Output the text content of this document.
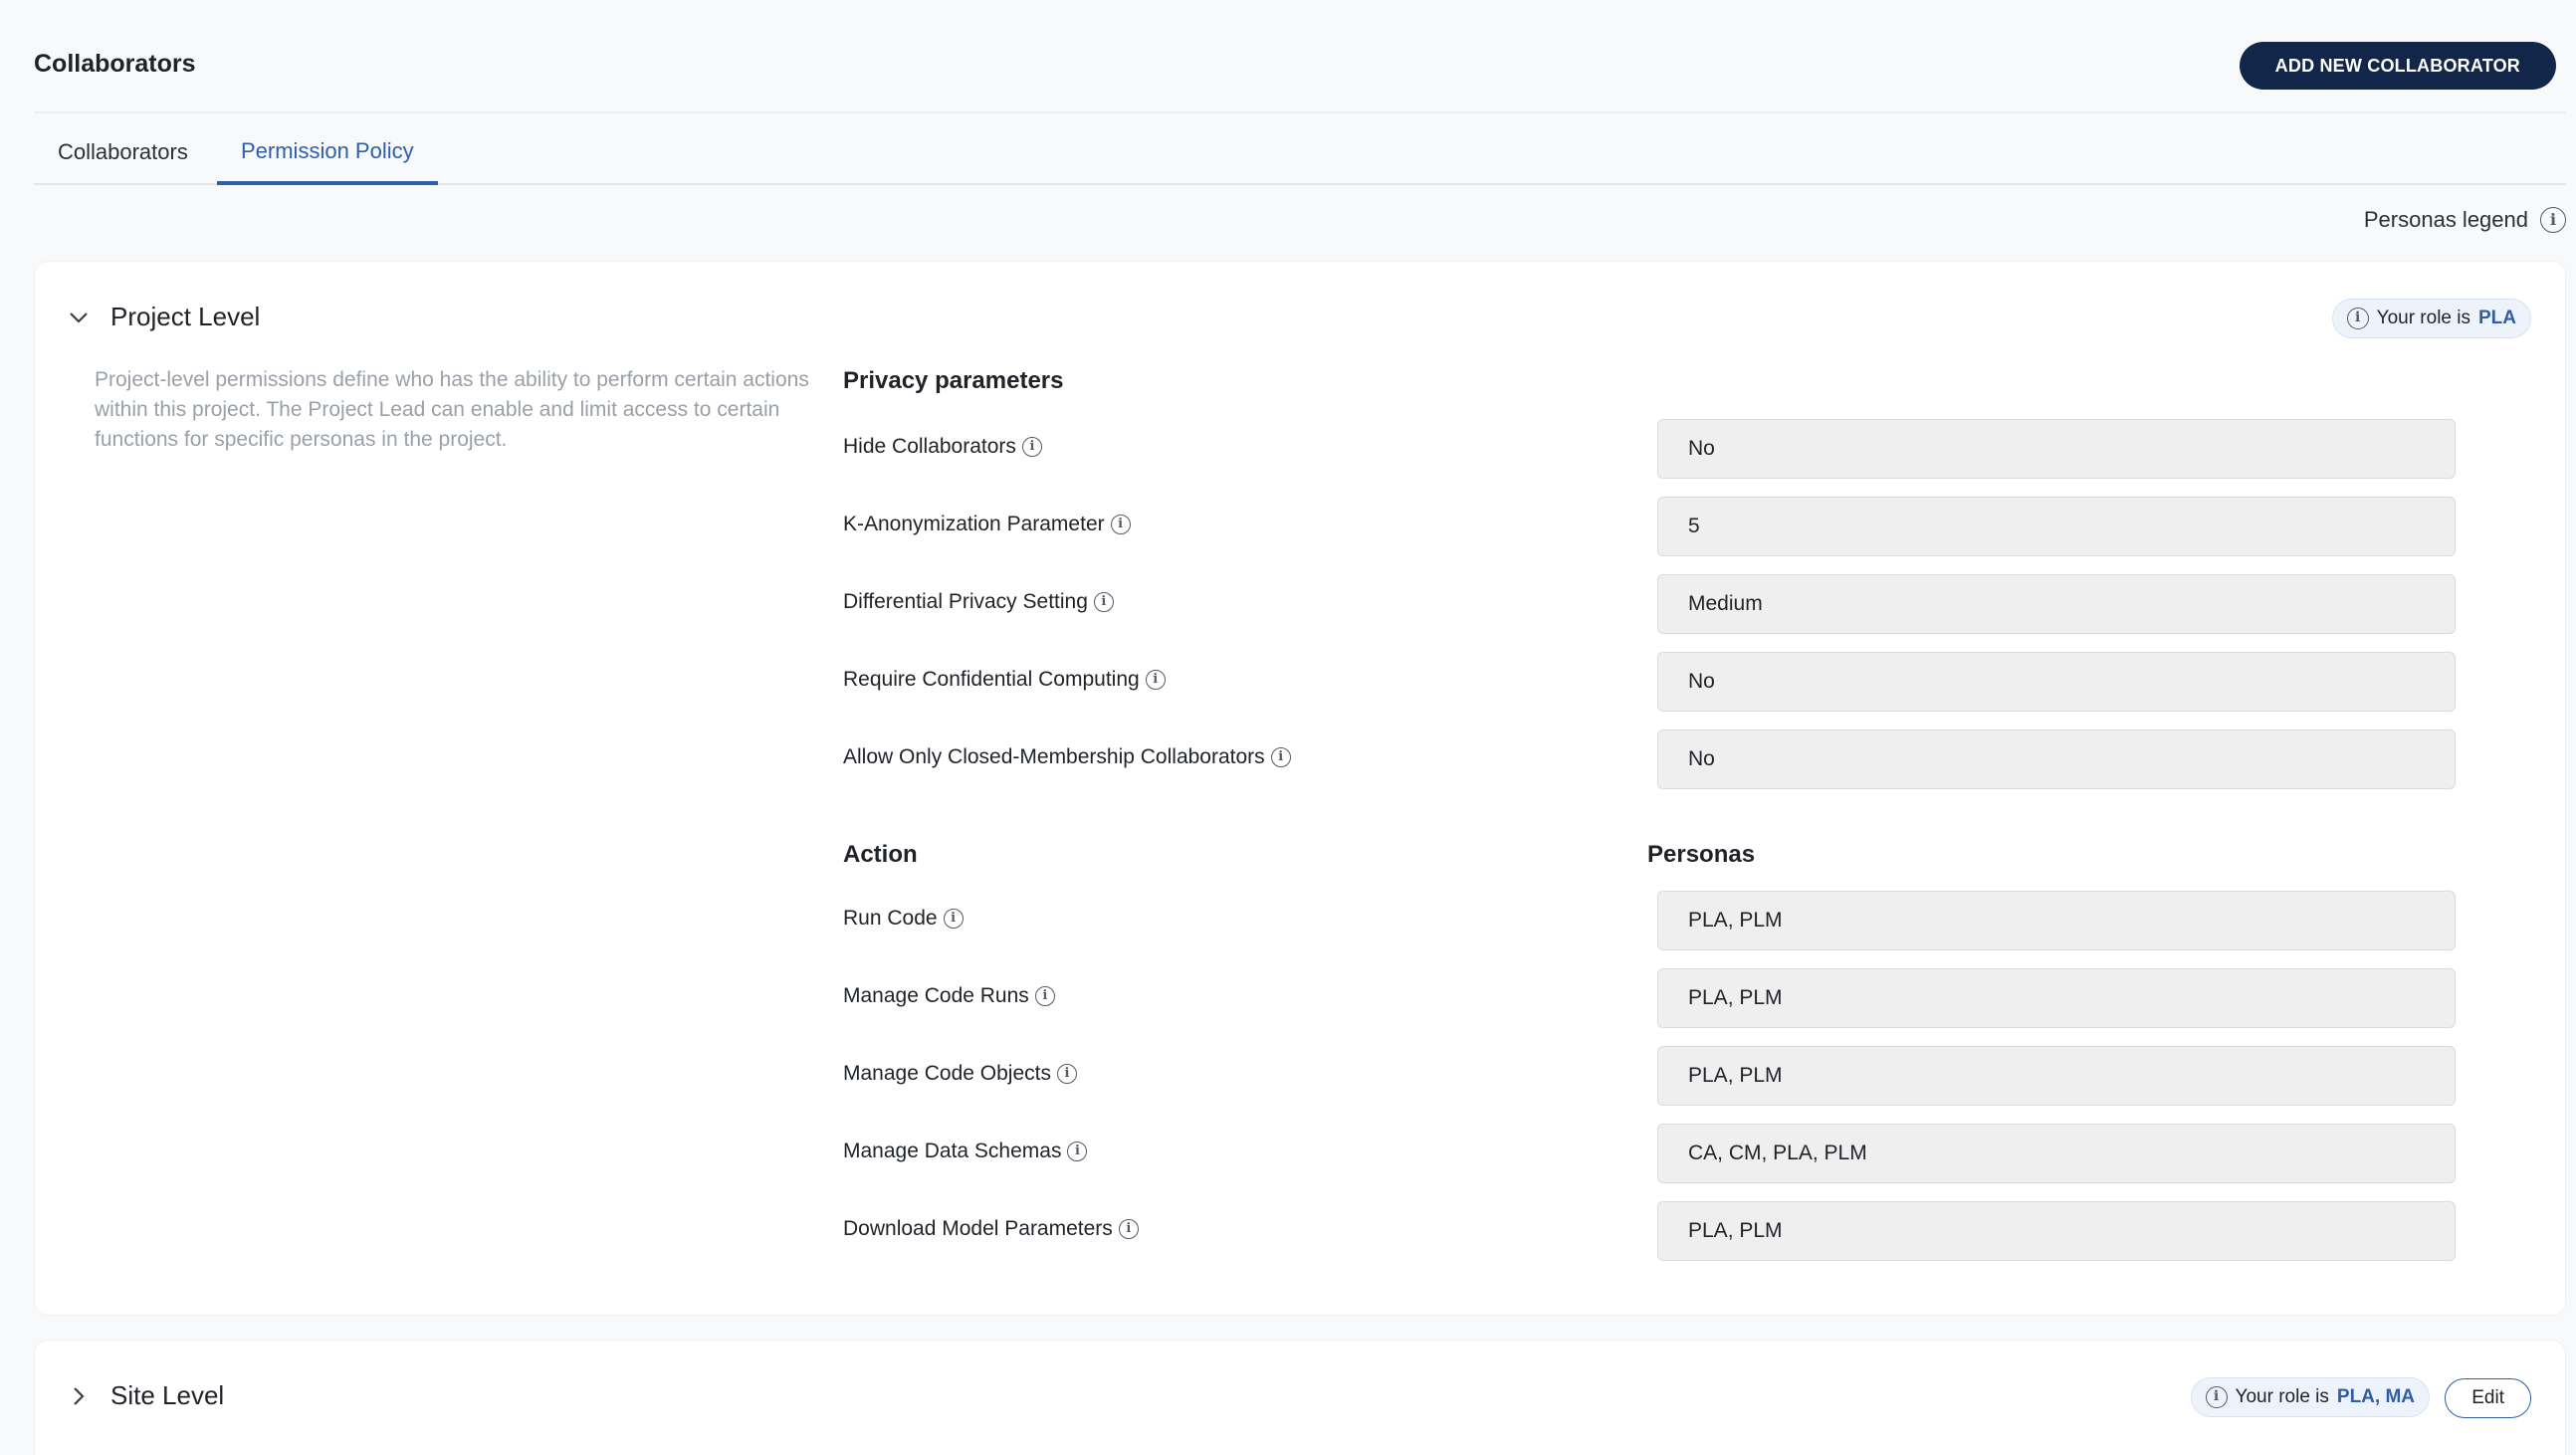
Collaborators	ADD NEW COLLABORATOR
Collaborators	Permission Policy
Personas legend	i
Project Level	i Your role is PLA
Project-level permissions define who has the ability to perform certain actions within this project. The Project Lead can enable and limit access to certain functions for specific personas in the project.
Privacy parameters
Hide Collaborators i	No
K-Anonymization Parameter i	5
Differential Privacy Setting i	Medium
Require Confidential Computing i	No
Allow Only Closed-Membership Collaborators i	No
Action	Personas
Run Code i	PLA, PLM
Manage Code Runs i	PLA, PLM
Manage Code Objects i	PLA, PLM
Manage Data Schemas i	CA, CM, PLA, PLM
Download Model Parameters i	PLA, PLM
Site Level	i Your role is PLA, MA	Edit
